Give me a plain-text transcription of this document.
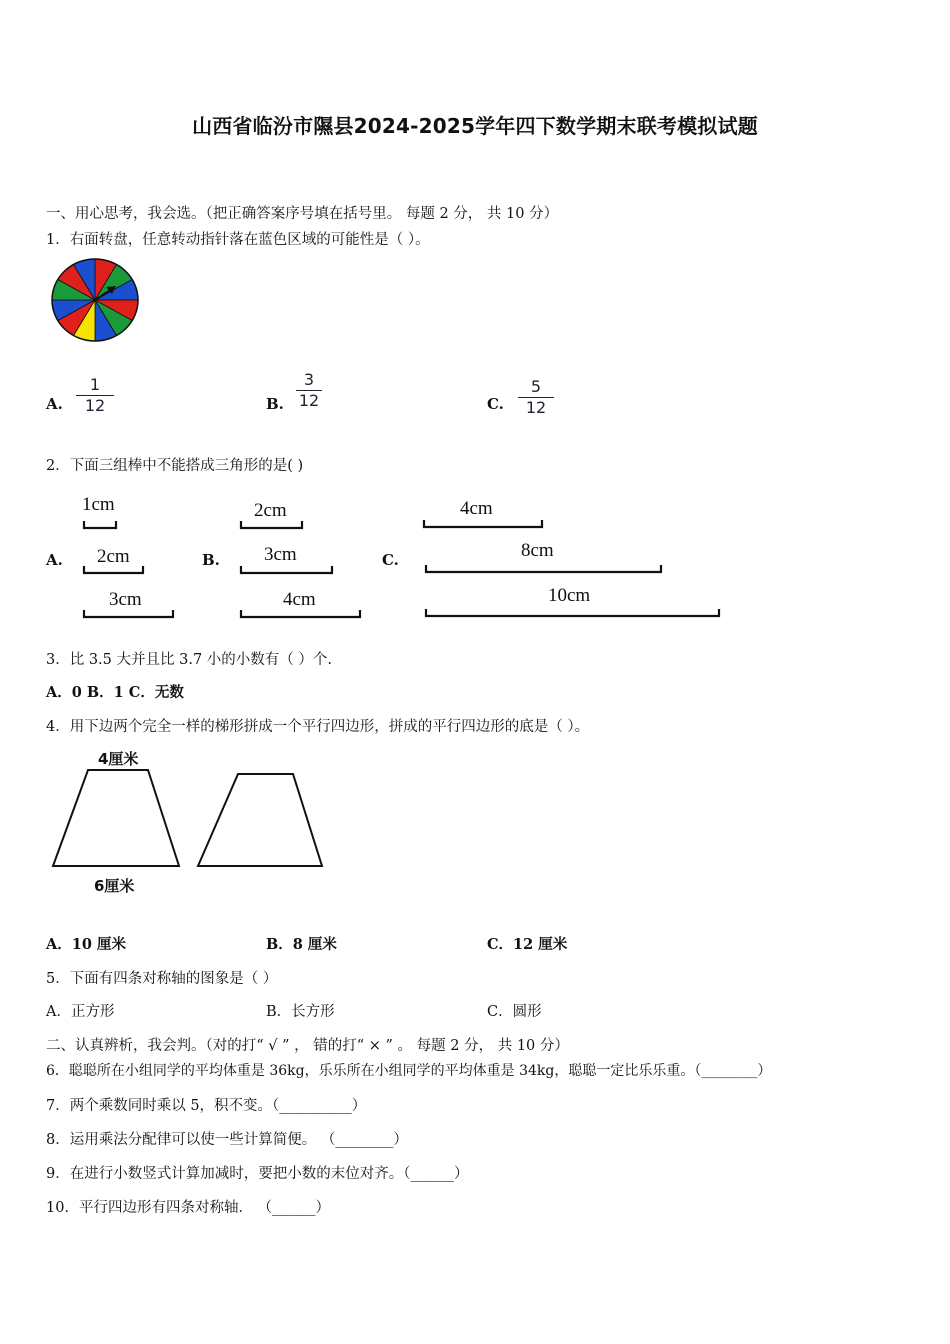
山西省临汾市隰县2024-2025学年四下数学期末联考模拟试题
一、用心思考，我会选。（把正确答案序号填在括号里。 每题 2 分， 共 10 分）
1．右面转盘，任意转动指针落在蓝色区域的可能性是（ ）。
A.
1
12	B.
3
12	C.
5
12
2．下面三组棒中不能搭成三角形的是( )
A.	B.	C.
1cm
2cm
3cm
2cm
3cm
4cm
4cm
8cm
10cm
3．比 3.5 大并且比 3.7 小的小数有（ ）个.
A．0 B．1 C．无数
4．用下边两个完全一样的梯形拼成一个平行四边形，拼成的平行四边形的底是（ ）。
4厘米
6厘米
A．10 厘米	B．8 厘米	C．12 厘米
5．下面有四条对称轴的图象是（ ）
A．正方形	B．长方形	C．圆形
二、认真辨析，我会判。（对的打“ √ ” ， 错的打“ × ” 。 每题 2 分， 共 10 分）
6．聪聪所在小组同学的平均体重是 36kg，乐乐所在小组同学的平均体重是 34kg，聪聪一定比乐乐重。（________）
7．两个乘数同时乘以 5，积不变。（__________）
8．运用乘法分配律可以使一些计算简便。 （________）
9．在进行小数竖式计算加减时，要把小数的末位对齐。（______）
10．平行四边形有四条对称轴． （______）
